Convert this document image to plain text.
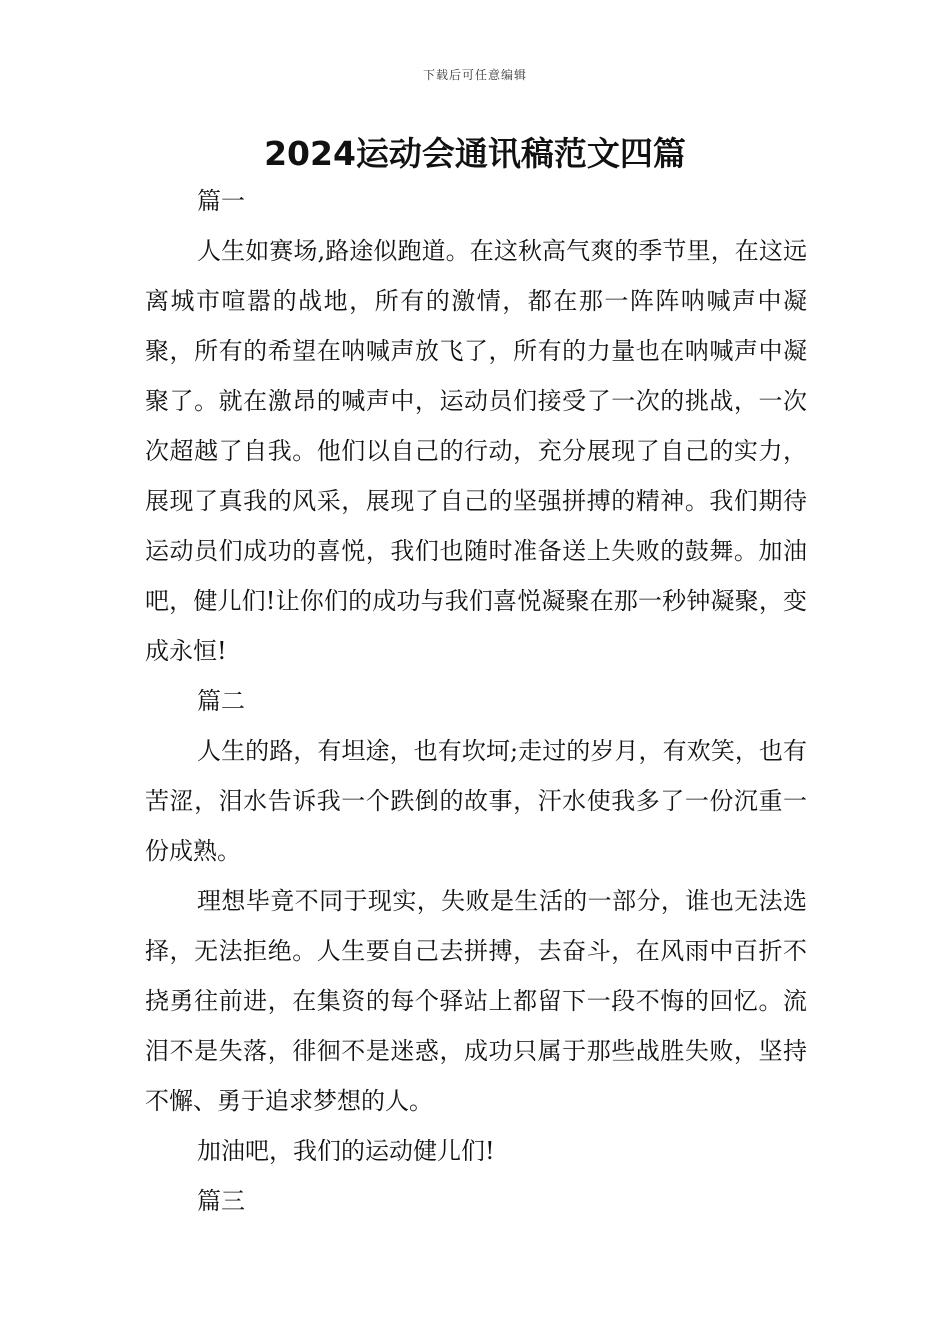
下载后可任意编辑
2024运动会通讯稿范文四篇

篇一

人生如赛场,路途似跑道。在这秋高气爽的季节里，在这远离城市喧嚣的战地，所有的激情，都在那一阵阵呐喊声中凝聚，所有的希望在呐喊声放飞了，所有的力量也在呐喊声中凝聚了。就在激昂的喊声中，运动员们接受了一次的挑战，一次次超越了自我。他们以自己的行动，充分展现了自己的实力，展现了真我的风采，展现了自己的坚强拼搏的精神。我们期待运动员们成功的喜悦，我们也随时准备送上失败的鼓舞。加油吧，健儿们!让你们的成功与我们喜悦凝聚在那一秒钟凝聚，变成永恒!

篇二

人生的路，有坦途，也有坎坷;走过的岁月，有欢笑，也有苦涩，泪水告诉我一个跌倒的故事，汗水使我多了一份沉重一份成熟。

理想毕竟不同于现实，失败是生活的一部分，谁也无法选择，无法拒绝。人生要自己去拼搏，去奋斗，在风雨中百折不挠勇往前进，在集资的每个驿站上都留下一段不悔的回忆。流泪不是失落，徘徊不是迷惑，成功只属于那些战胜失败，坚持不懈、勇于追求梦想的人。

加油吧，我们的运动健儿们!

篇三
